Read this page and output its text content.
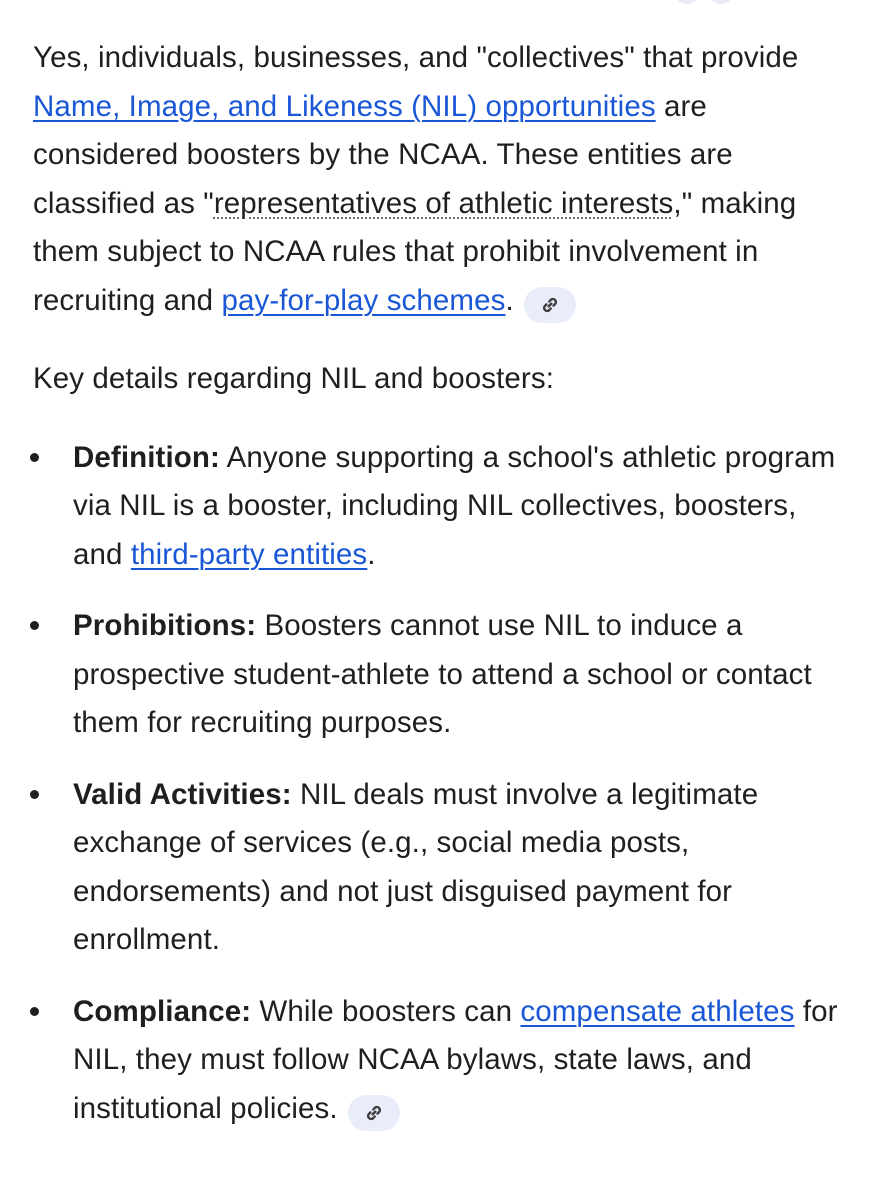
Yes, individuals, businesses, and "collectives" that provide Name, Image, and Likeness (NIL) opportunities are considered boosters by the NCAA. These entities are classified as "representatives of athletic interests," making them subject to NCAA rules that prohibit involvement in recruiting and pay-for-play schemes.

Key details regarding NIL and boosters:

Definition: Anyone supporting a school's athletic program via NIL is a booster, including NIL collectives, boosters, and third-party entities.
Prohibitions: Boosters cannot use NIL to induce a prospective student-athlete to attend a school or contact them for recruiting purposes.
Valid Activities: NIL deals must involve a legitimate exchange of services (e.g., social media posts, endorsements) and not just disguised payment for enrollment.
Compliance: While boosters can compensate athletes for NIL, they must follow NCAA bylaws, state laws, and institutional policies.
